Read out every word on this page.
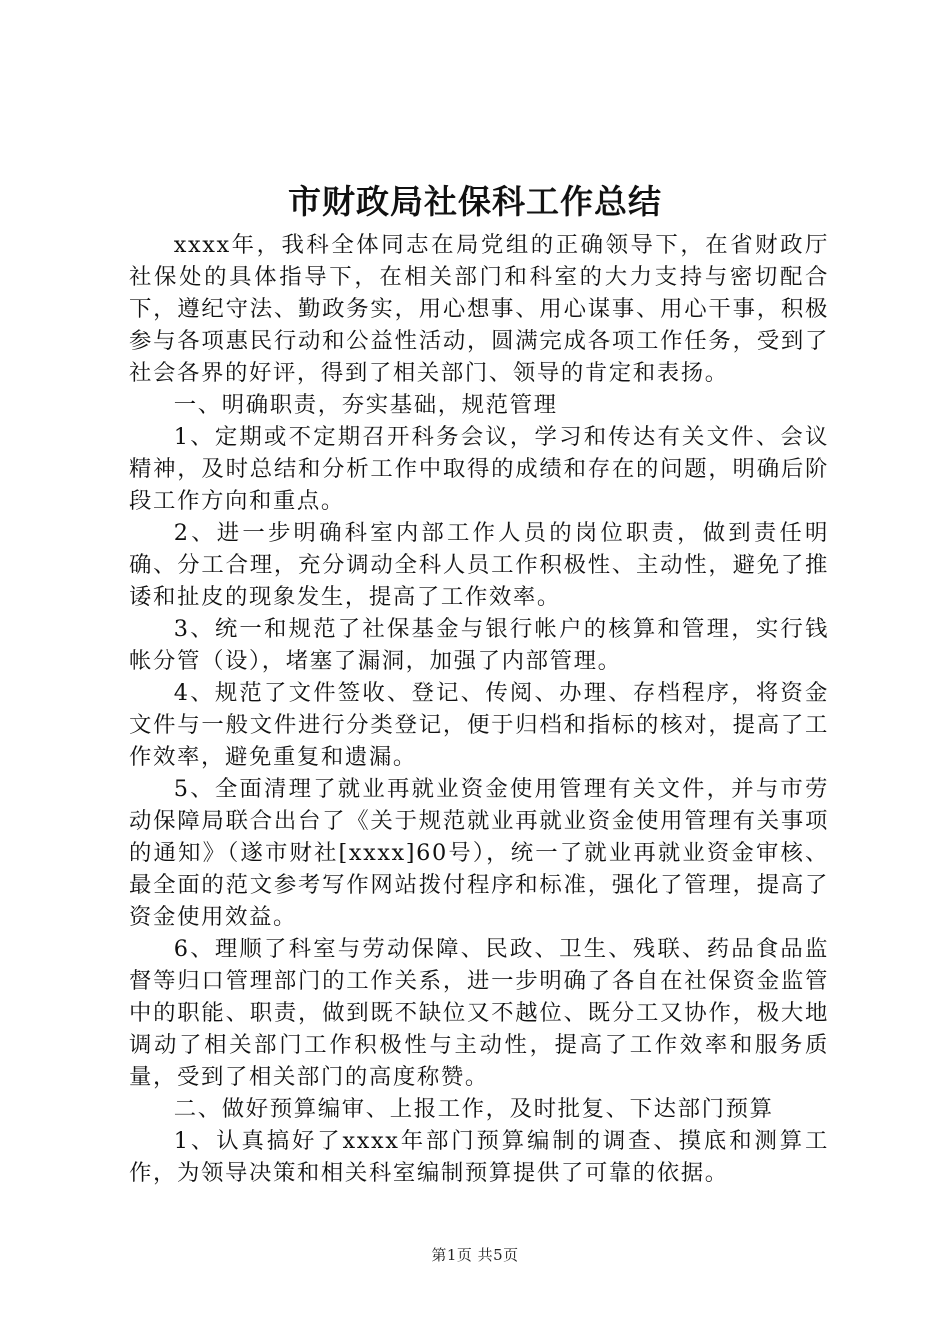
市财政局社保科工作总结

xxxx年，我科全体同志在局党组的正确领导下，在省财政厅社保处的具体指导下，在相关部门和科室的大力支持与密切配合下，遵纪守法、勤政务实，用心想事、用心谋事、用心干事，积极参与各项惠民行动和公益性活动，圆满完成各项工作任务，受到了社会各界的好评，得到了相关部门、领导的肯定和表扬。

一、明确职责，夯实基础，规范管理

1、定期或不定期召开科务会议，学习和传达有关文件、会议精神，及时总结和分析工作中取得的成绩和存在的问题，明确后阶段工作方向和重点。

2、进一步明确科室内部工作人员的岗位职责，做到责任明确、分工合理，充分调动全科人员工作积极性、主动性，避免了推诿和扯皮的现象发生，提高了工作效率。

3、统一和规范了社保基金与银行帐户的核算和管理，实行钱帐分管（设），堵塞了漏洞，加强了内部管理。

4、规范了文件签收、登记、传阅、办理、存档程序，将资金文件与一般文件进行分类登记，便于归档和指标的核对，提高了工作效率，避免重复和遗漏。

5、全面清理了就业再就业资金使用管理有关文件，并与市劳动保障局联合出台了《关于规范就业再就业资金使用管理有关事项的通知》（遂市财社[xxxx]60号），统一了就业再就业资金审核、最全面的范文参考写作网站拨付程序和标准，强化了管理，提高了资金使用效益。

6、理顺了科室与劳动保障、民政、卫生、残联、药品食品监督等归口管理部门的工作关系，进一步明确了各自在社保资金监管中的职能、职责，做到既不缺位又不越位、既分工又协作，极大地调动了相关部门工作积极性与主动性，提高了工作效率和服务质量，受到了相关部门的高度称赞。

二、做好预算编审、上报工作，及时批复、下达部门预算

1、认真搞好了xxxx年部门预算编制的调查、摸底和测算工作，为领导决策和相关科室编制预算提供了可靠的依据。

第1页 共5页
